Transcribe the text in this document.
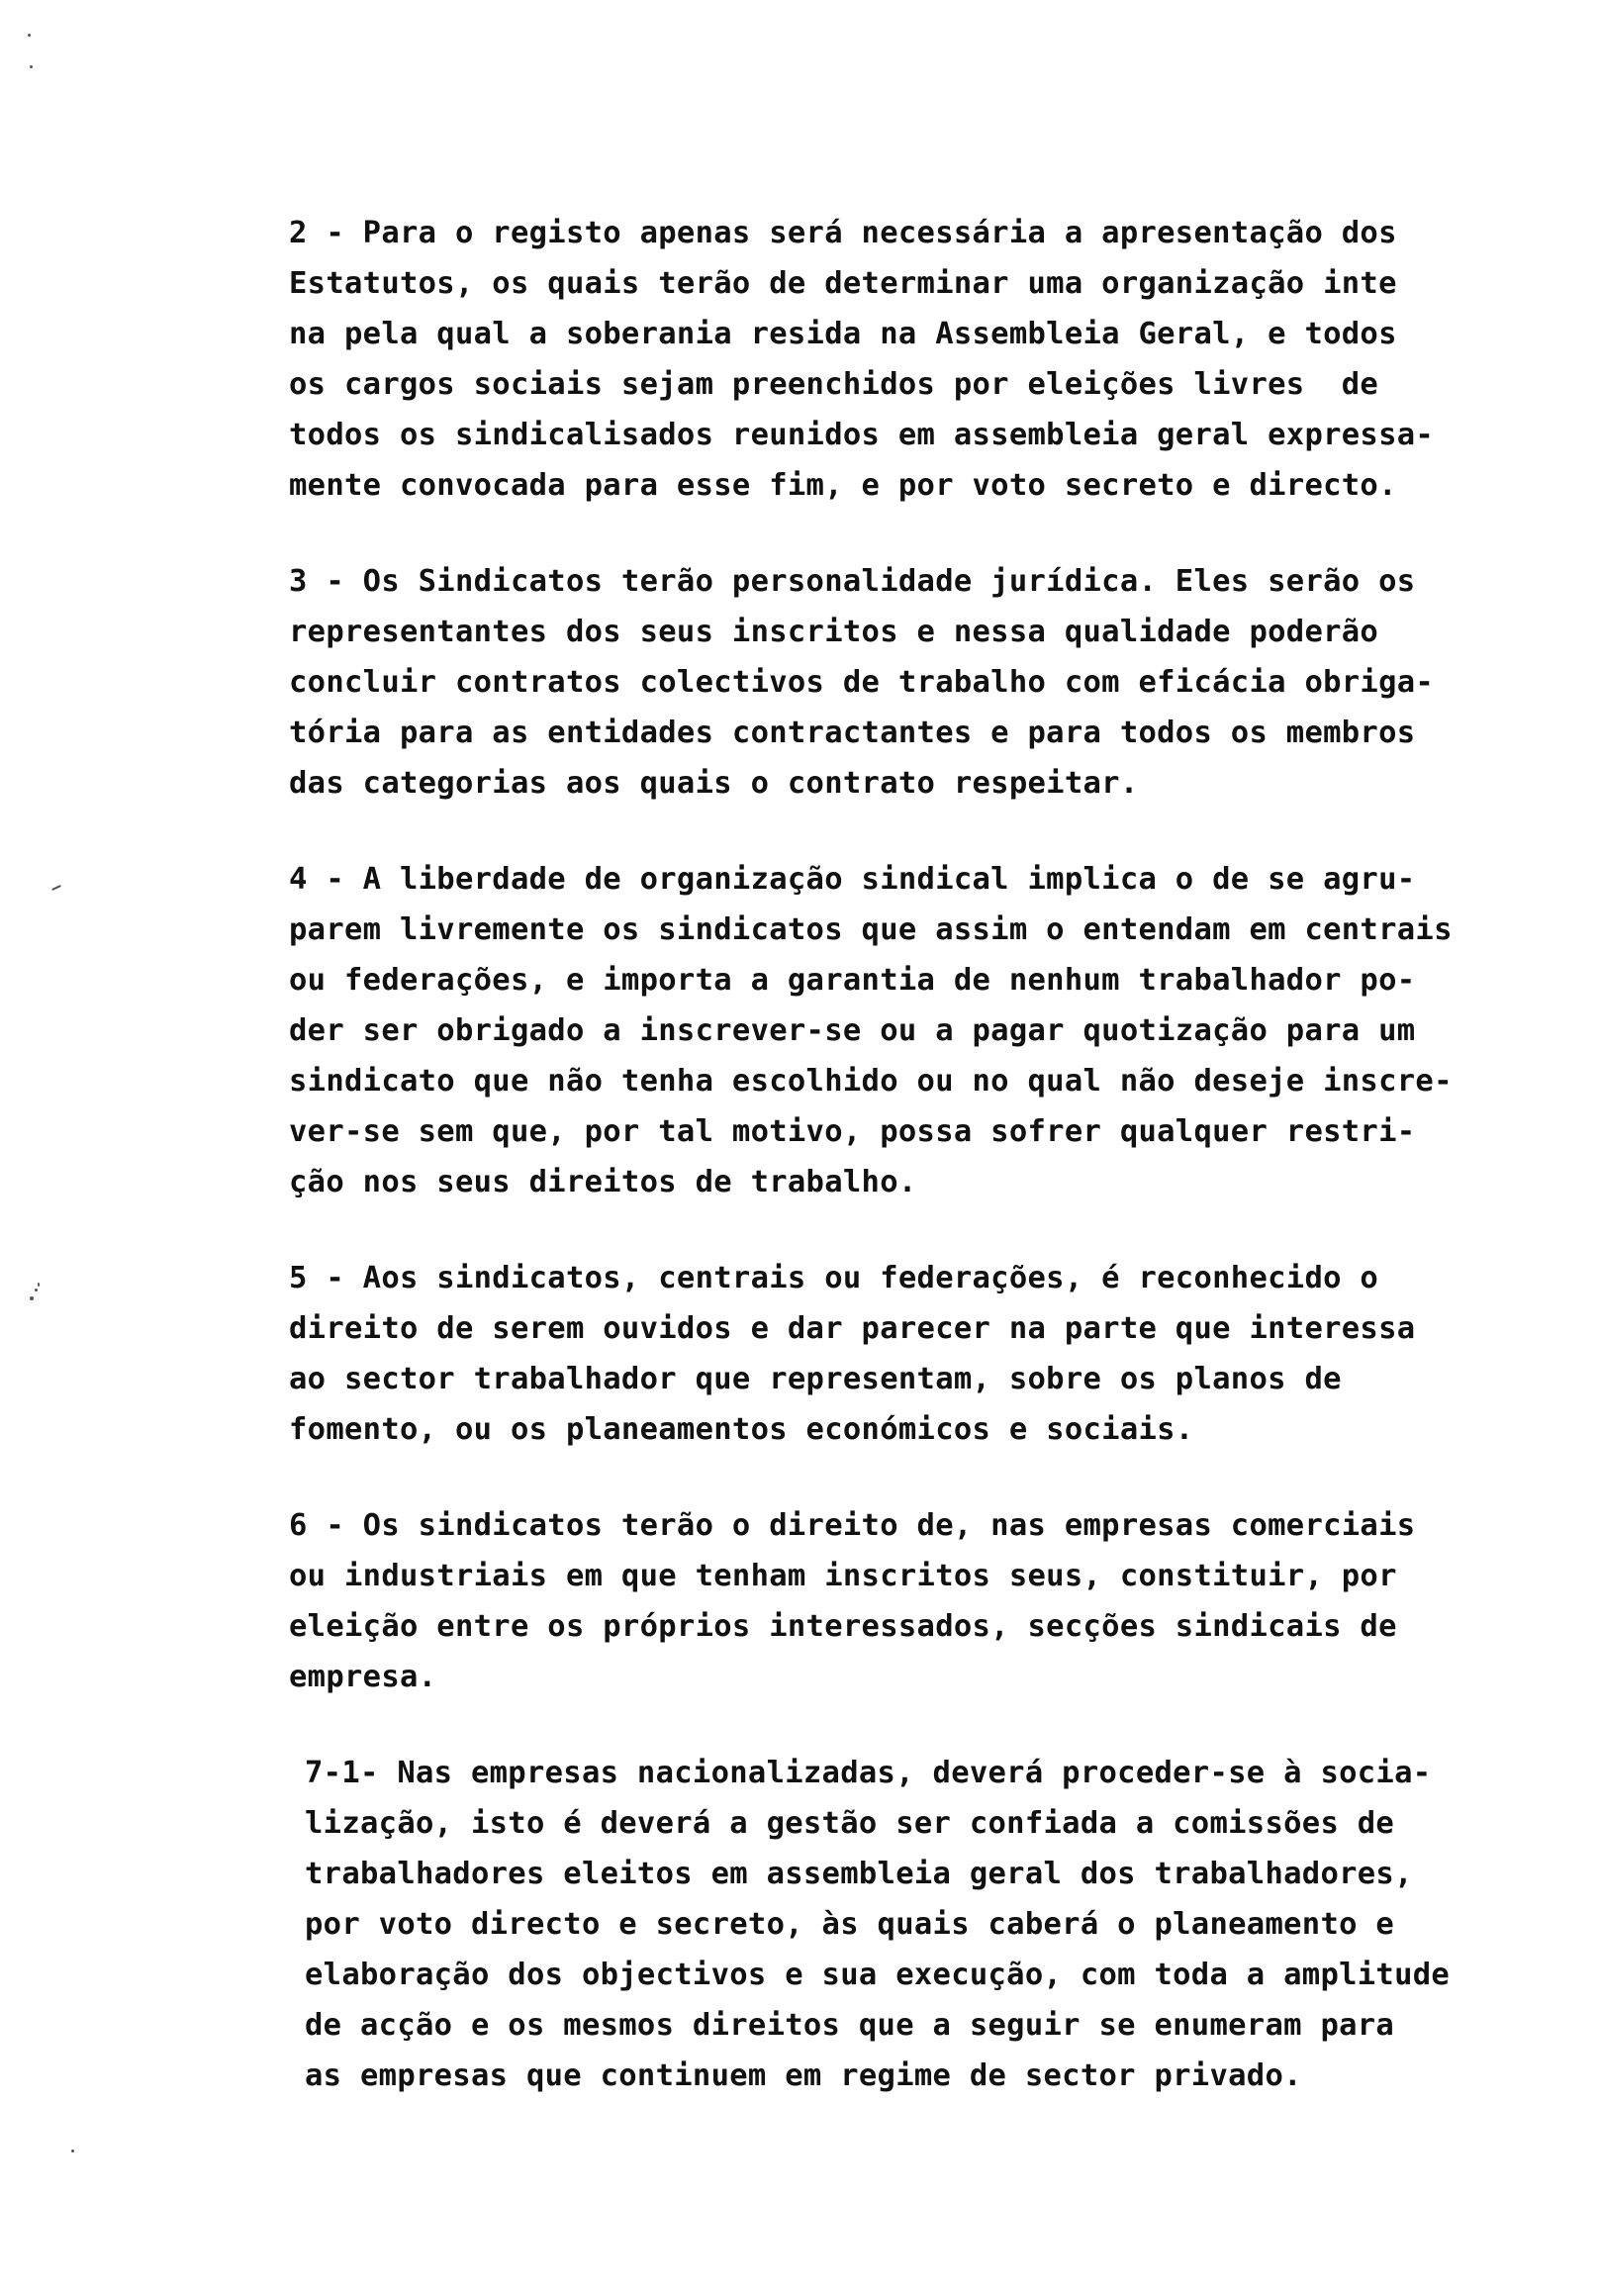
2 - Para o registo apenas será necessária a apresentação dos
Estatutos, os quais terão de determinar uma organização inte
na pela qual a soberania resida na Assembleia Geral, e todos
os cargos sociais sejam preenchidos por eleições livres  de
todos os sindicalisados reunidos em assembleia geral expressa-
mente convocada para esse fim, e por voto secreto e directo.
3 - Os Sindicatos terão personalidade jurídica. Eles serão os
representantes dos seus inscritos e nessa qualidade poderão
concluir contratos colectivos de trabalho com eficácia obriga-
tória para as entidades contractantes e para todos os membros
das categorias aos quais o contrato respeitar.
4 - A liberdade de organização sindical implica o de se agru-
parem livremente os sindicatos que assim o entendam em centrais
ou federações, e importa a garantia de nenhum trabalhador po-
der ser obrigado a inscrever-se ou a pagar quotização para um
sindicato que não tenha escolhido ou no qual não deseje inscre-
ver-se sem que, por tal motivo, possa sofrer qualquer restri-
ção nos seus direitos de trabalho.
5 - Aos sindicatos, centrais ou federações, é reconhecido o
direito de serem ouvidos e dar parecer na parte que interessa
ao sector trabalhador que representam, sobre os planos de
fomento, ou os planeamentos económicos e sociais.
6 - Os sindicatos terão o direito de, nas empresas comerciais
ou industriais em que tenham inscritos seus, constituir, por
eleição entre os próprios interessados, secções sindicais de
empresa.
7-1- Nas empresas nacionalizadas, deverá proceder-se à socia-
lização, isto é deverá a gestão ser confiada a comissões de
trabalhadores eleitos em assembleia geral dos trabalhadores,
por voto directo e secreto, às quais caberá o planeamento e
elaboração dos objectivos e sua execução, com toda a amplitude
de acção e os mesmos direitos que a seguir se enumeram para
as empresas que continuem em regime de sector privado.
